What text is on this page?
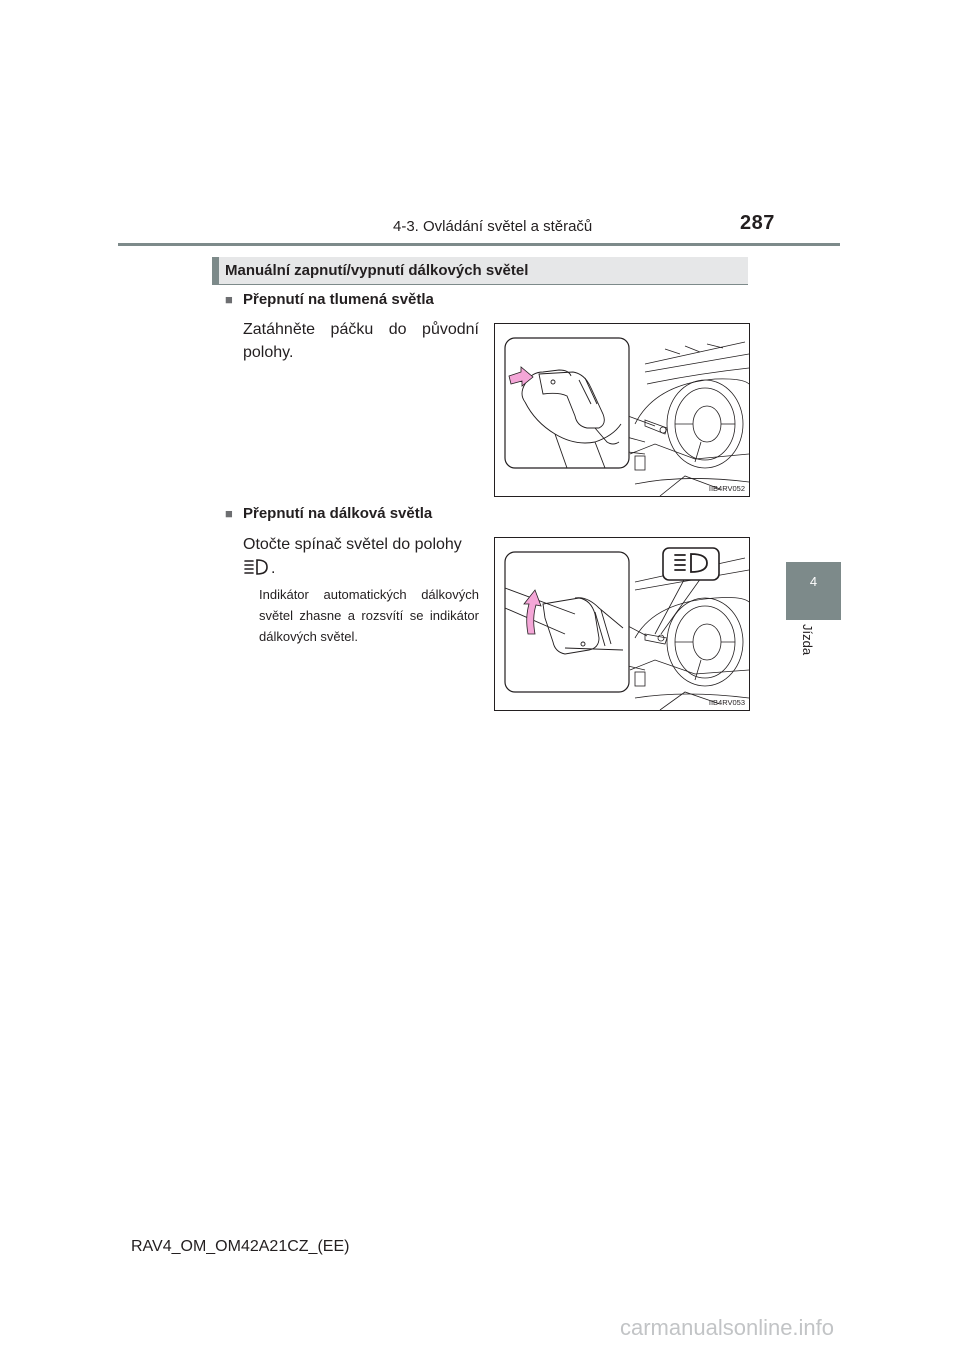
4-3. Ovládání světel a stěračů	287
4
Jízda
Manuální zapnutí/vypnutí dálkových světel
■ Přepnutí na tlumená světla
Zatáhněte páčku do původní polohy.
IIB4RV052
■ Přepnutí na dálková světla
Otočte spínač světel do polohy
.
Indikátor automatických dálkových světel zhasne a rozsvítí se indikátor dálkových světel.
IIB4RV053
RAV4_OM_OM42A21CZ_(EE)
carmanualsonline.info
